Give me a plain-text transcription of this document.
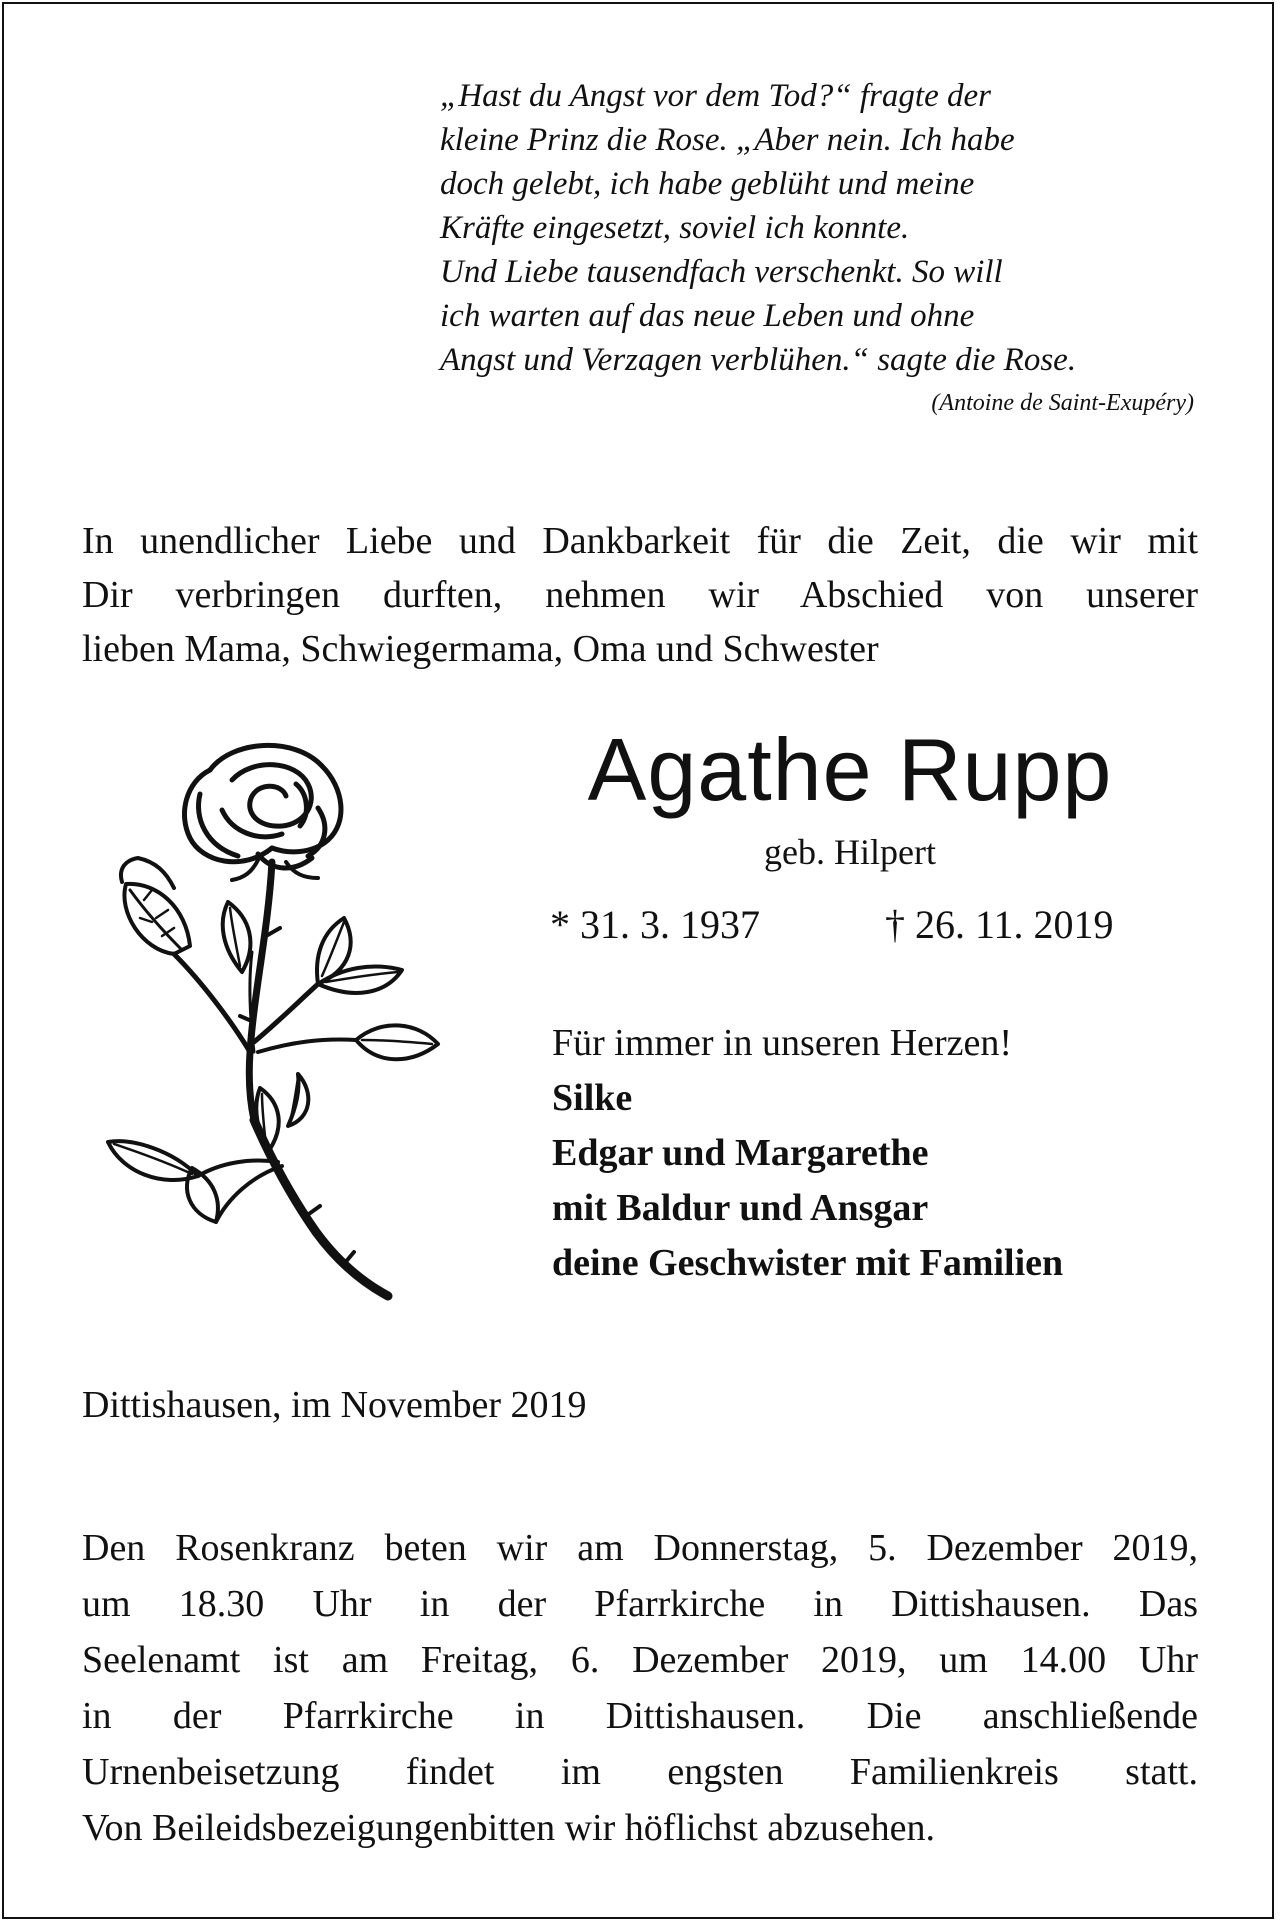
„Hast du Angst vor dem Tod?“ fragte der
kleine Prinz die Rose. „Aber nein. Ich habe
doch gelebt, ich habe geblüht und meine
Kräfte eingesetzt, soviel ich konnte.
Und Liebe tausendfach verschenkt. So will
ich warten auf das neue Leben und ohne
Angst und Verzagen verblühen.“ sagte die Rose.
(Antoine de Saint-Exupéry)
In unendlicher Liebe und Dankbarkeit für die Zeit, die wir mit
Dir verbringen durften, nehmen wir Abschied von unserer
lieben Mama, Schwiegermama, Oma und Schwester
Agathe Rupp
geb. Hilpert
* 31. 3. 1937	† 26. 11. 2019
Für immer in unseren Herzen!
Silke
Edgar und Margarethe
mit Baldur und Ansgar
deine Geschwister mit Familien
Dittishausen, im November 2019
Den Rosenkranz beten wir am Donnerstag, 5. Dezember 2019,
um 18.30 Uhr in der Pfarrkirche in Dittishausen. Das
Seelenamt ist am Freitag, 6. Dezember 2019, um 14.00 Uhr
in der Pfarrkirche in Dittishausen. Die anschließende
Urnenbeisetzung findet im engsten Familienkreis statt.
Von Beileidsbezeigungenbitten wir höflichst abzusehen.
